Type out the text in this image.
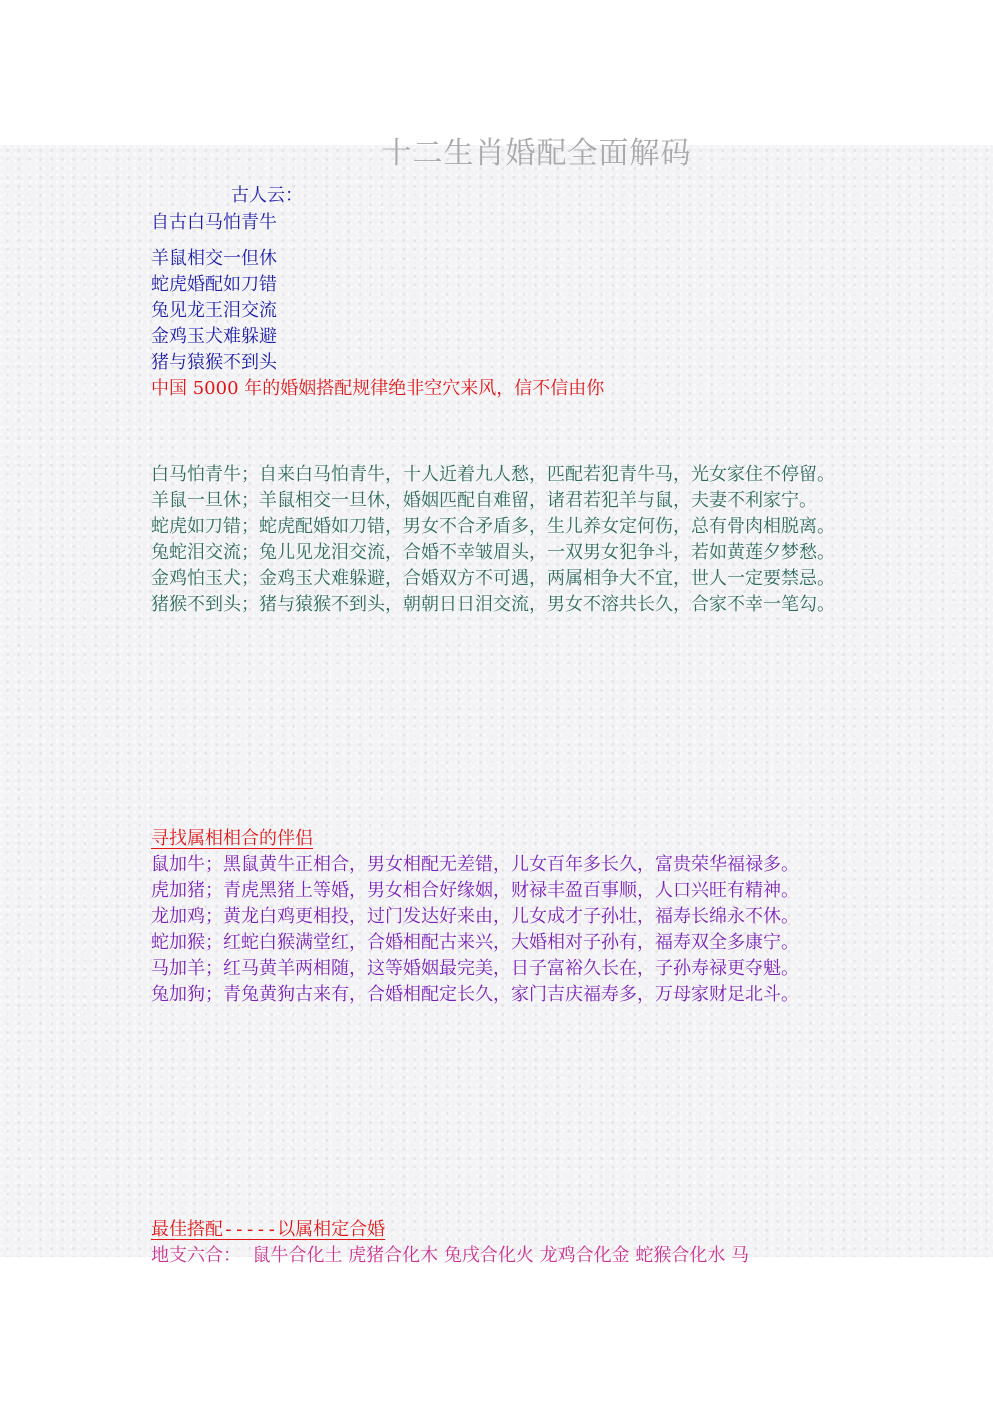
十二生肖婚配全面解码
古人云：
自古白马怕青牛
羊鼠相交一但休
蛇虎婚配如刀错
兔见龙王泪交流
金鸡玉犬难躲避
猪与猿猴不到头
中国 5000 年的婚姻搭配规律绝非空穴来风，信不信由你

白马怕青牛；自来白马怕青牛，十人近着九人愁，匹配若犯青牛马，光女家住不停留。

羊鼠一旦休；羊鼠相交一旦休，婚姻匹配自难留，诸君若犯羊与鼠，夫妻不利家宁。

蛇虎如刀错；蛇虎配婚如刀错，男女不合矛盾多，生儿养女定何伤，总有骨肉相脱离。

兔蛇泪交流；兔儿见龙泪交流，合婚不幸皱眉头，一双男女犯争斗，若如黄莲夕梦愁。

金鸡怕玉犬；金鸡玉犬难躲避，合婚双方不可遇，两属相争大不宜，世人一定要禁忌。

猪猴不到头；猪与猿猴不到头，朝朝日日泪交流，男女不溶共长久，合家不幸一笔勾。

寻找属相相合的伴侣

鼠加牛；黑鼠黄牛正相合，男女相配无差错，儿女百年多长久，富贵荣华福禄多。

虎加猪；青虎黑猪上等婚，男女相合好缘姻，财禄丰盈百事顺，人口兴旺有精神。

龙加鸡；黄龙白鸡更相投，过门发达好来由，儿女成才子孙壮，福寿长绵永不休。

蛇加猴；红蛇白猴满堂红，合婚相配古来兴，大婚相对子孙有，福寿双全多康宁。

马加羊；红马黄羊两相随，这等婚姻最完美，日子富裕久长在，子孙寿禄更夺魁。

兔加狗；青兔黄狗古来有，合婚相配定长久，家门吉庆福寿多，万母家财足北斗。

最佳搭配-----以属相定合婚
地支六合：  鼠牛合化土 虎猪合化木 兔戌合化火 龙鸡合化金 蛇猴合化水 马
